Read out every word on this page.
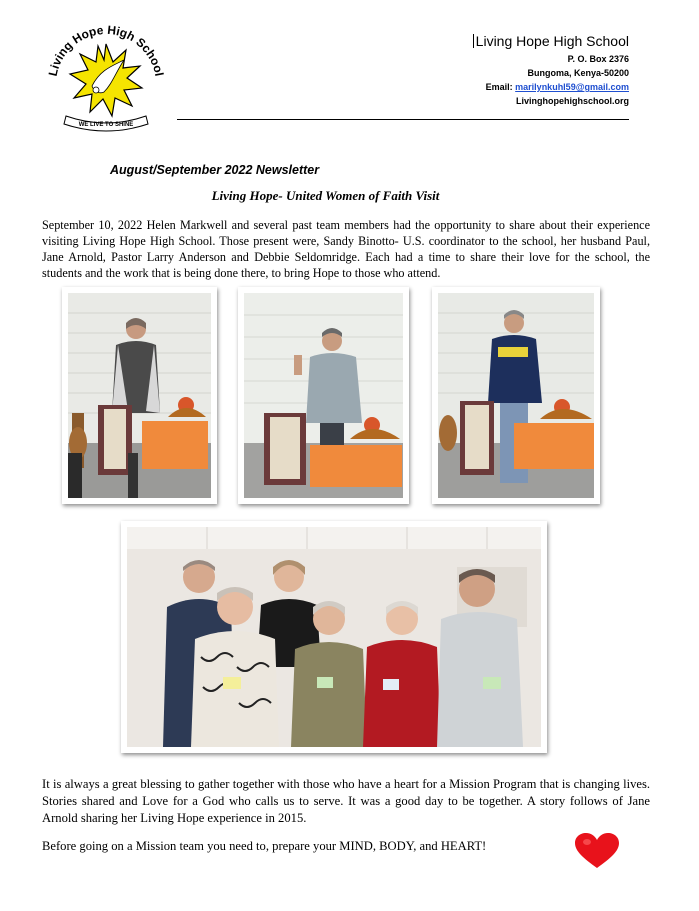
Living Hope High School
WE LIVE TO SHINE
Living Hope High School
P. O. Box 2376
Bungoma, Kenya-50200
Email: marilynkuhl59@gmail.com
Livinghopehighschool.org
August/September 2022 Newsletter
Living Hope- United Women of Faith Visit
September 10, 2022 Helen Markwell and several past team members had the opportunity to share about their experience visiting Living Hope High School. Those present were, Sandy Binotto- U.S. coordinator to the school, her husband Paul, Jane Arnold, Pastor Larry Anderson and Debbie Seldomridge. Each had a time to share their love for the school, the students and the work that is being done there, to bring Hope to those who attend.
It is always a great blessing to gather together with those who have a heart for a Mission Program that is changing lives. Stories shared and Love for a God who calls us to serve. It was a good day to be together. A story follows of Jane Arnold sharing her Living Hope experience in 2015.
Before going on a Mission team you need to, prepare your MIND, BODY, and HEART!
